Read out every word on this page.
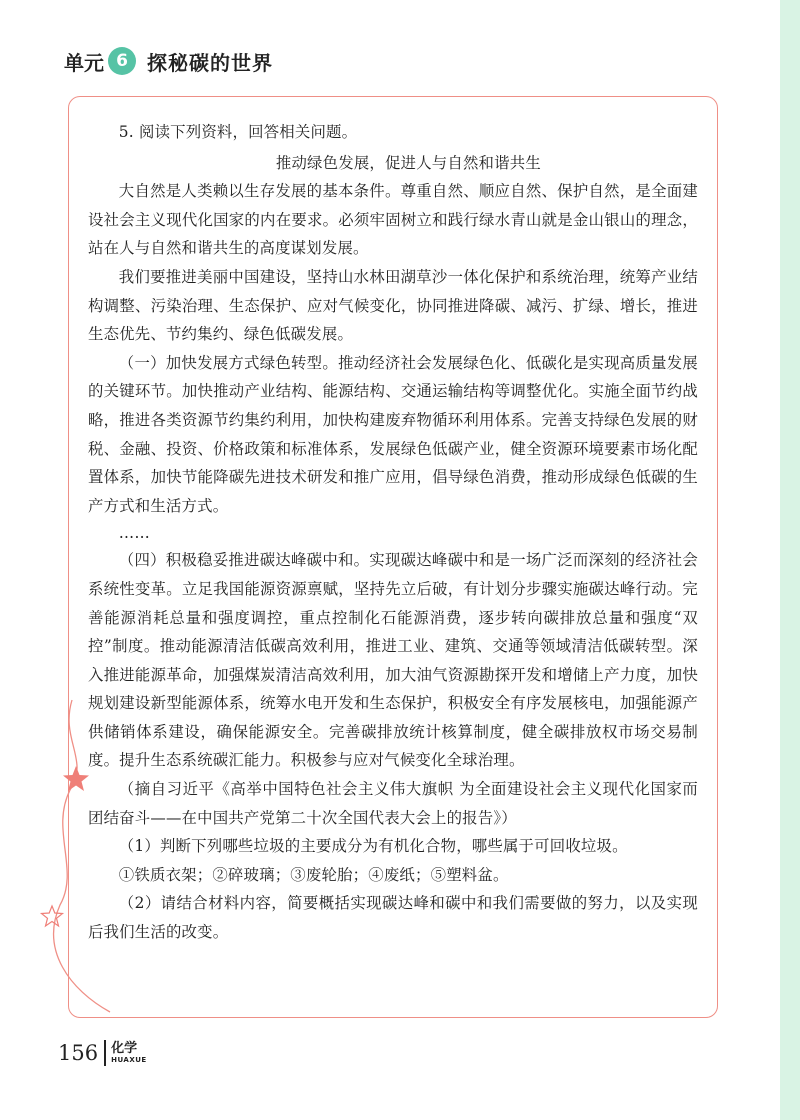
单元 6 探秘碳的世界

5. 阅读下列资料，回答相关问题。

推动绿色发展，促进人与自然和谐共生

大自然是人类赖以生存发展的基本条件。尊重自然、顺应自然、保护自然，是全面建设社会主义现代化国家的内在要求。必须牢固树立和践行绿水青山就是金山银山的理念，站在人与自然和谐共生的高度谋划发展。

我们要推进美丽中国建设，坚持山水林田湖草沙一体化保护和系统治理，统筹产业结构调整、污染治理、生态保护、应对气候变化，协同推进降碳、减污、扩绿、增长，推进生态优先、节约集约、绿色低碳发展。

（一）加快发展方式绿色转型。推动经济社会发展绿色化、低碳化是实现高质量发展的关键环节。加快推动产业结构、能源结构、交通运输结构等调整优化。实施全面节约战略，推进各类资源节约集约利用，加快构建废弃物循环利用体系。完善支持绿色发展的财税、金融、投资、价格政策和标准体系，发展绿色低碳产业，健全资源环境要素市场化配置体系，加快节能降碳先进技术研发和推广应用，倡导绿色消费，推动形成绿色低碳的生产方式和生活方式。

……

（四）积极稳妥推进碳达峰碳中和。实现碳达峰碳中和是一场广泛而深刻的经济社会系统性变革。立足我国能源资源禀赋，坚持先立后破，有计划分步骤实施碳达峰行动。完善能源消耗总量和强度调控，重点控制化石能源消费，逐步转向碳排放总量和强度“双控”制度。推动能源清洁低碳高效利用，推进工业、建筑、交通等领域清洁低碳转型。深入推进能源革命，加强煤炭清洁高效利用，加大油气资源勘探开发和增储上产力度，加快规划建设新型能源体系，统筹水电开发和生态保护，积极安全有序发展核电，加强能源产供储销体系建设，确保能源安全。完善碳排放统计核算制度，健全碳排放权市场交易制度。提升生态系统碳汇能力。积极参与应对气候变化全球治理。

（摘自习近平《高举中国特色社会主义伟大旗帜 为全面建设社会主义现代化国家而团结奋斗——在中国共产党第二十次全国代表大会上的报告》）

（1）判断下列哪些垃圾的主要成分为有机化合物，哪些属于可回收垃圾。

①铁质衣架；②碎玻璃；③废轮胎；④废纸；⑤塑料盆。

（2）请结合材料内容，简要概括实现碳达峰和碳中和我们需要做的努力，以及实现后我们生活的改变。

156 化学
HUAXUE
